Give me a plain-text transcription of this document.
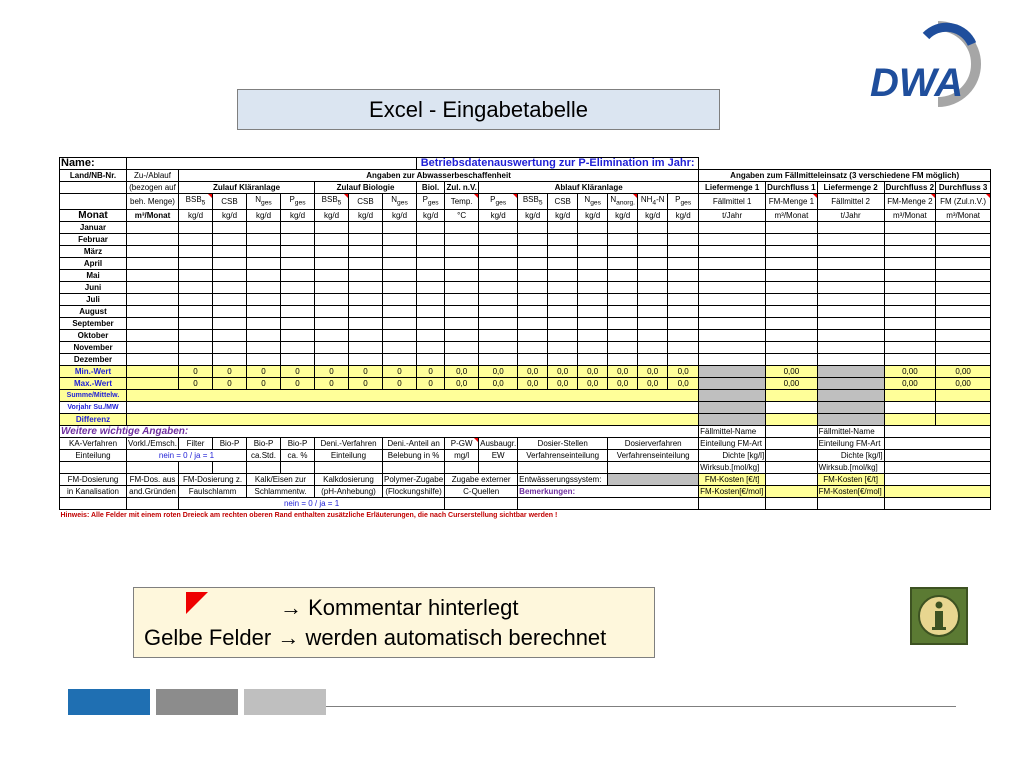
DWA
Excel - Eingabetabelle
Name:									Betriebsdatenauswertung zur P-Elimination im Jahr:													
Land/NB-Nr.	Zu-/Ablauf	Angaben zur Abwasserbeschaffenheit																Angaben zum Fällmitteleinsatz (3 verschiedene FM möglich)				
	(bezogen auf	Zulauf Kläranlage				Zulauf Biologie			Biol.	Zul. n.V.	Ablauf Kläranlage							Liefermenge 1	Durchfluss 1	Liefermenge 2	Durchfluss 2	Durchfluss 3
	beh. Menge)	$BSB_5$	CSB	$N_{ges}$	$P_{ges}$	$BSB_5$	CSB	$N_{ges}$	$P_{ges}$	Temp.	$P_{ges}$	$BSB_5$	CSB	$N_{ges}$	$N_{anorg.}$	$NH_4-N$	$P_{ges}$	Fällmittel 1	FM-Menge 1	Fällmittel 2	FM-Menge 2	FM (Zul.n.V.)
Monat	m³/Monat	kg/d	kg/d	kg/d	kg/d	kg/d	kg/d	kg/d	kg/d	°C	kg/d	kg/d	kg/d	kg/d	kg/d	kg/d	kg/d	t/Jahr	m³/Monat	t/Jahr	m³/Monat	m³/Monat
Januar																						
Februar																						
März																						
April																						
Mai																						
Juni																						
Juli																						
August																						
September																						
Oktober																						
November																						
Dezember																						
Min.-Wert		0	0	0	0	0	0	0	0	0,0	0,0	0,0	0,0	0,0	0,0	0,0	0,0		0,00		0,00	0,00
Max.-Wert		0	0	0	0	0	0	0	0	0,0	0,0	0,0	0,0	0,0	0,0	0,0	0,0		0,00		0,00	0,00
Summe/Mittelw.																						
Vorjahr Su./MW																						
Differenz																						
Weitere wichtige Angaben:																		Fällmittel-Name		Fällmittel-Name		
KA-Verfahren	Vorkl./Emsch.	Filter	Bio-P	Bio-P	Bio-P	Deni.-Verfahren		Deni.-Anteil an		P-GW	Ausbaugr.	Dosier-Stellen			Dosierverfahren			Einteilung FM-Art		Einteilung FM-Art		
Einteilung	nein = 0 / ja = 1			ca.Std.	ca. %	Einteilung		Belebung in %		mg/l	EW	Verfahrenseinteilung			Verfahrenseinteilung			Dichte [kg/l]		Dichte [kg/l]		
																		Wirksub.[mol/kg]		Wirksub.[mol/kg]		
FM-Dosierung	FM-Dos. aus	FM-Dosierung z.		Kalk/Eisen zur		Kalkdosierung		Polymer-Zugabe		Zugabe externer		Entwässerungssystem:						FM-Kosten [€/t]		FM-Kosten [€/t]		
in Kanalisation	and.Gründen	Faulschlamm		Schlammentw.		(pH-Anhebung)		(Flockungshilfe)		C-Quellen		Bemerkungen:						FM-Kosten[€/mol]		FM-Kosten[€/mol]		
		nein = 0 / ja = 1																				
Hinweis: Alle Felder mit einem roten Dreieck am rechten oberen Rand enthalten zusätzliche Erläuterungen, die nach Curserstellung sichtbar werden !																						
→ Kommentar hinterlegt
Gelbe Felder → werden automatisch berechnet
